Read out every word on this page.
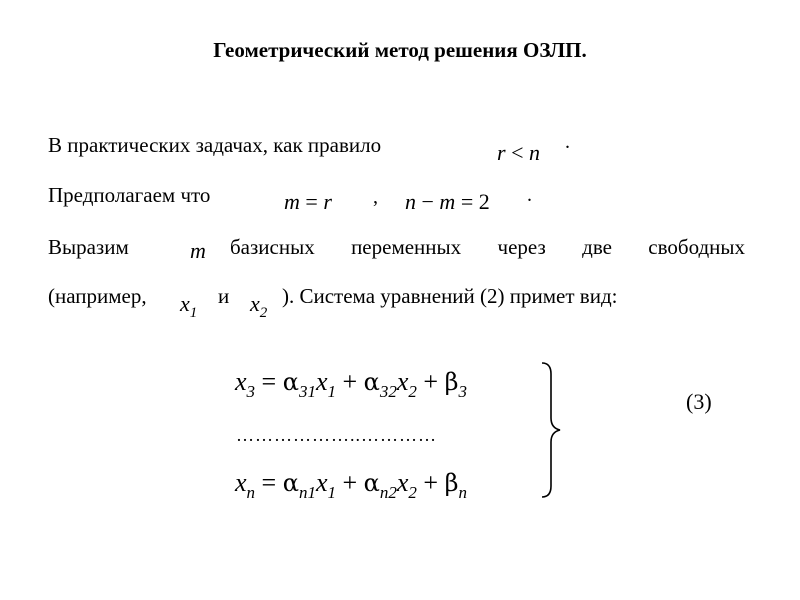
Геометрический метод решения ОЗЛП.
В практических задачах, как правило	r < n .
Предполагаем что	m = r , n − m = 2 .
Выразим	m базисных переменных через две свободных
(например, $x_1$
и $x_2$
). Система уравнений (2) примет вид:
$x_3 = \alpha_{31}x_1 + \alpha_{32}x_2 + \beta_3$
………………..…………
$x_n = \alpha_{n1}x_1 + \alpha_{n2}x_2 + \beta_n$
(3)
